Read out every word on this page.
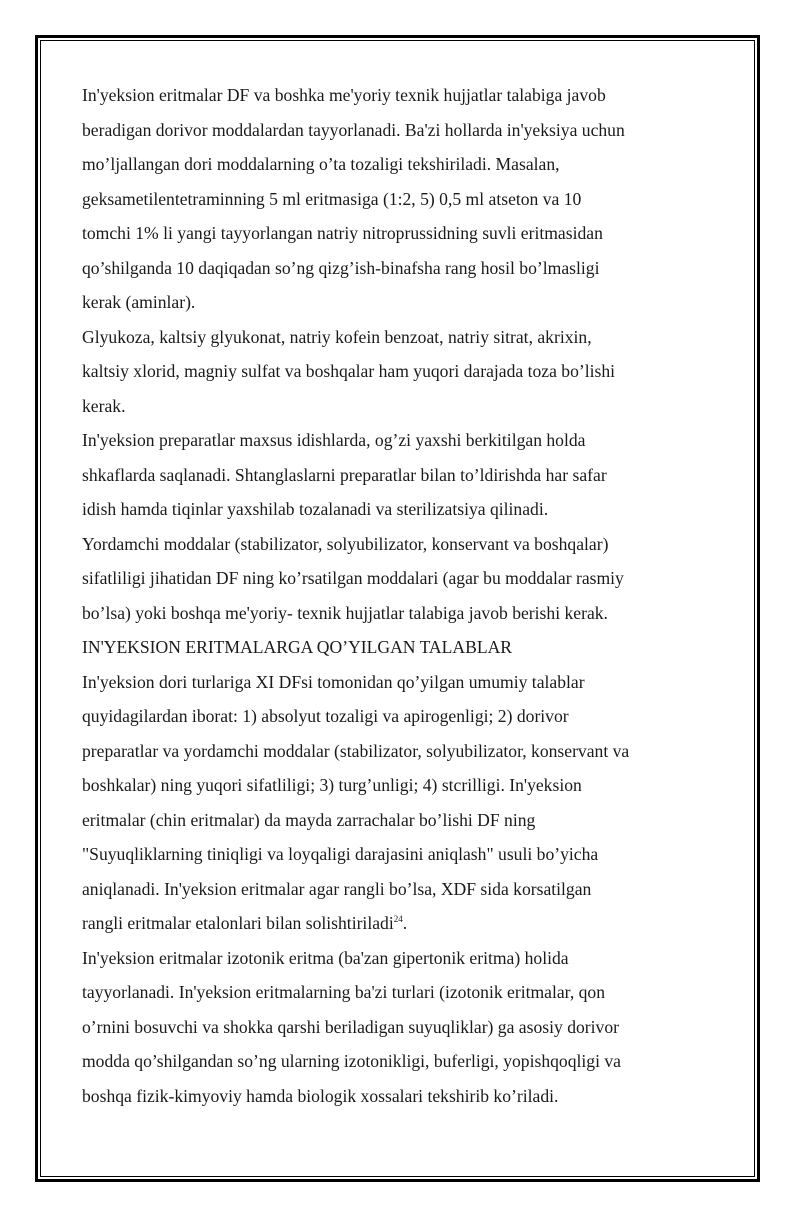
In'yeksion eritmalar DF va boshka me'yoriy texnik hujjatlar talabiga javob
beradigan dorivor moddalardan tayyorlanadi. Ba'zi hollarda in'yeksiya uchun
mo’ljallangan dori moddalarning o’ta tozaligi tekshiriladi. Masalan,
geksametilentetraminning 5 ml eritmasiga (1:2, 5) 0,5 ml atseton va 10
tomchi 1% li yangi tayyorlangan natriy nitroprussidning suvli eritmasidan
qo’shilganda 10 daqiqadan so’ng qizg’ish-binafsha rang hosil bo’lmasligi
kerak (aminlar).

Glyukoza, kaltsiy glyukonat, natriy kofein benzoat, natriy sitrat, akrixin,
kaltsiy xlorid, magniy sulfat va boshqalar ham yuqori darajada toza bo’lishi
kerak.

In'yeksion preparatlar maxsus idishlarda, og’zi yaxshi berkitilgan holda
shkaflarda saqlanadi. Shtanglaslarni preparatlar bilan to’ldirishda har safar
idish hamda tiqinlar yaxshilab tozalanadi va sterilizatsiya qilinadi.

Yordamchi moddalar (stabilizator, solyubilizator, konservant va boshqalar)
sifatliligi jihatidan DF ning ko’rsatilgan moddalari (agar bu moddalar rasmiy
bo’lsa) yoki boshqa me'yoriy- texnik hujjatlar talabiga javob berishi kerak.

IN'YEKSION ERITMALARGA QO’YILGAN TALABLAR

In'yeksion dori turlariga XI DFsi tomonidan qo’yilgan umumiy talablar
quyidagilardan iborat: 1) absolyut tozaligi va apirogenligi; 2) dorivor
preparatlar va yordamchi moddalar (stabilizator, solyubilizator, konservant va
boshkalar) ning yuqori sifatliligi; 3) turg’unligi; 4) stcrilligi. In'yeksion
eritmalar (chin eritmalar) da mayda zarrachalar bo’lishi DF ning
"Suyuqliklarning tiniqligi va loyqaligi darajasini aniqlash" usuli bo’yicha
aniqlanadi. In'yeksion eritmalar agar rangli bo’lsa, XDF sida korsatilgan
rangli eritmalar etalonlari bilan solishtiriladi$^{24}$.

In'yeksion eritmalar izotonik eritma (ba'zan gipertonik eritma) holida
tayyorlanadi. In'yeksion eritmalarning ba'zi turlari (izotonik eritmalar, qon
o’rnini bosuvchi va shokka qarshi beriladigan suyuqliklar) ga asosiy dorivor
modda qo’shilgandan so’ng ularning izotonikligi, buferligi, yopishqoqligi va
boshqa fizik-kimyoviy hamda biologik xossalari tekshirib ko’riladi.
